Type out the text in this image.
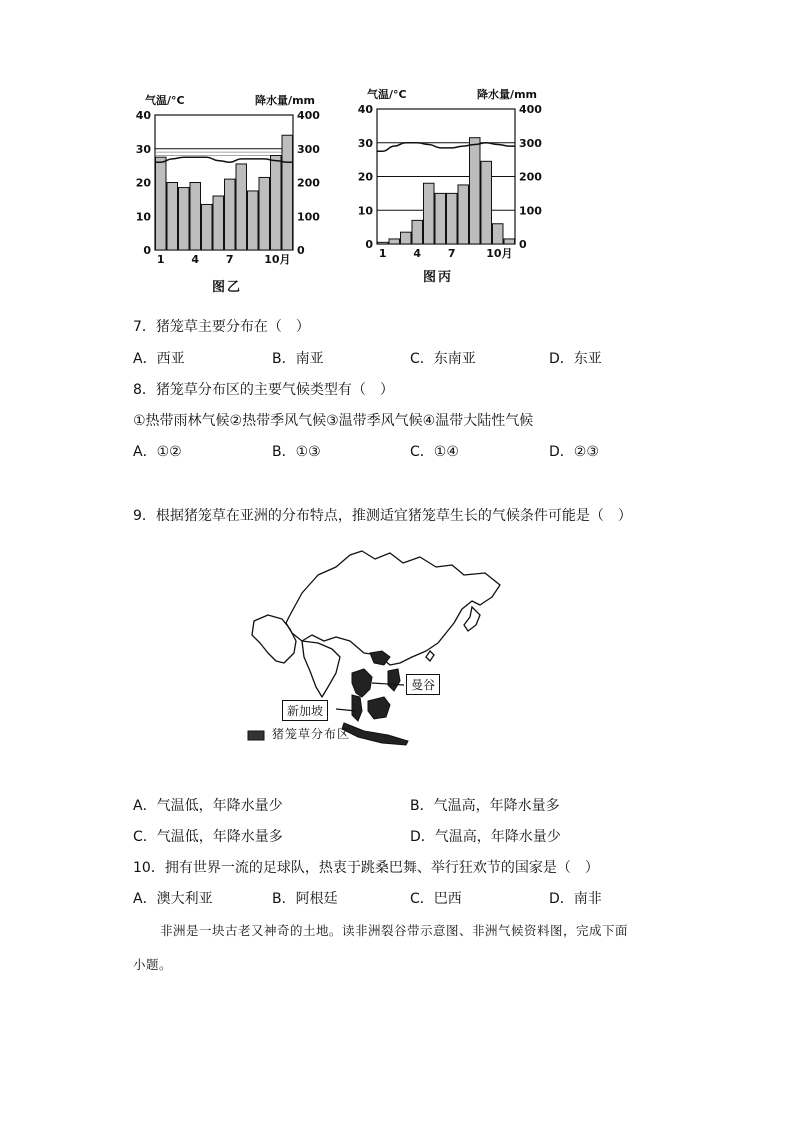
气温/°C	降水量/mm
40
30
20
10
0
400
300
200
100
0
1 4 7	10月
图乙
气温/°C	降水量/mm
40
30
20
10
0
400
300
200
100
0
1 4 7	10月
图丙
7．猪笼草主要分布在（　）
A．西亚	B．南亚	C．东南亚	D．东亚
8．猪笼草分布区的主要气候类型有（　）
①热带雨林气候②热带季风气候③温带季风气候④温带大陆性气候
A．①②	B．①③	C．①④	D．②③
9．根据猪笼草在亚洲的分布特点，推测适宜猪笼草生长的气候条件可能是（　）
曼谷
新加坡
猪笼草分布区
A．气温低，年降水量少	B．气温高，年降水量多
C．气温低，年降水量多	D．气温高，年降水量少
10．拥有世界一流的足球队，热衷于跳桑巴舞、举行狂欢节的国家是（　）
A．澳大利亚	B．阿根廷	C．巴西	D．南非
非洲是一块古老又神奇的土地。读非洲裂谷带示意图、非洲气候资料图，完成下面
小题。
